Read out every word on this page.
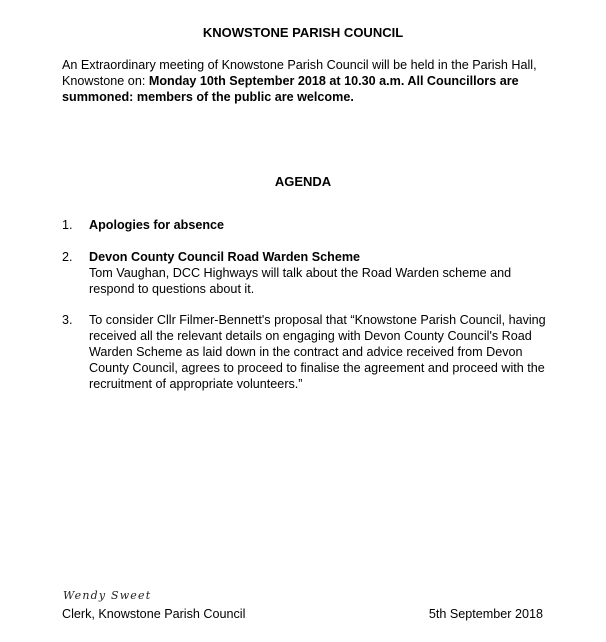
KNOWSTONE PARISH COUNCIL
An Extraordinary meeting of Knowstone Parish Council will be held in the Parish Hall, Knowstone on: Monday 10th September 2018 at 10.30 a.m. All Councillors are summoned: members of the public are welcome.
AGENDA
1.	Apologies for absence
2.	Devon County Council Road Warden Scheme
Tom Vaughan, DCC Highways will talk about the Road Warden scheme and respond to questions about it.
3.	To consider Cllr Filmer-Bennett's proposal that “Knowstone Parish Council, having received all the relevant details on engaging with Devon County Council's Road Warden Scheme as laid down in the contract and advice received from Devon County Council, agrees to proceed to finalise the agreement and proceed with the recruitment of appropriate volunteers.”
Wendy Sweet
Clerk, Knowstone Parish Council	5th September 2018
